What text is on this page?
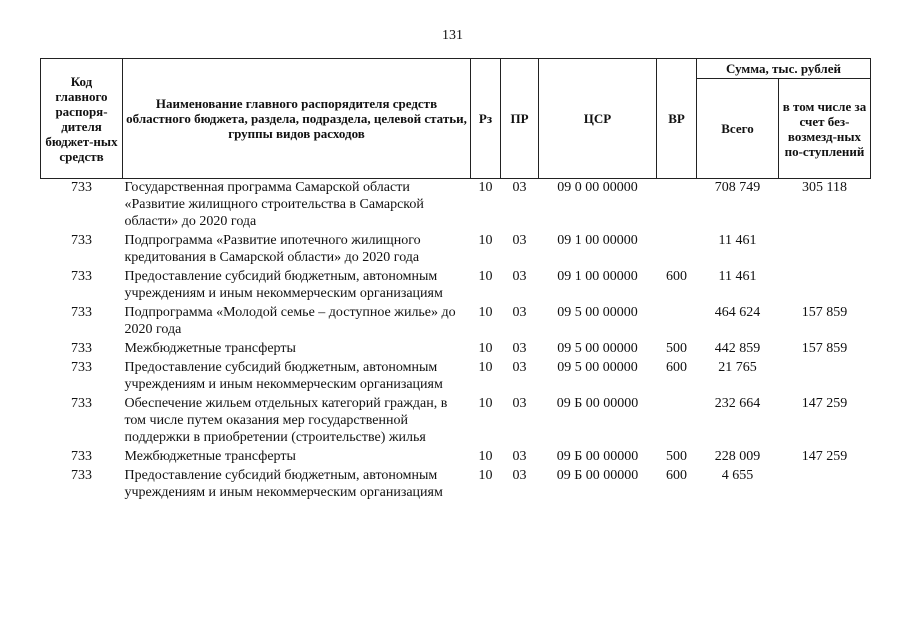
131
Код главного распоря-дителя бюджет-ных средств	Наименование главного распорядителя средств областного бюджета, раздела, подраздела, целевой статьи, группы видов расходов	Рз	ПР	ЦСР	ВР	Сумма, тыс. рублей	
						Всего	в том числе за счет без-возмезд-ных по-ступлений
733	Государственная программа Самарской области «Развитие жилищного строительства в Самарской области» до 2020 года	10	03	09 0 00 00000		708 749	305 118
733	Подпрограмма «Развитие ипотечного жилищного кредитования в Самарской области» до 2020 года	10	03	09 1 00 00000		11 461	
733	Предоставление субсидий бюджетным, автономным учреждениям и иным некоммерческим организациям	10	03	09 1 00 00000	600	11 461	
733	Подпрограмма «Молодой семье – доступное жилье» до 2020 года	10	03	09 5 00 00000		464 624	157 859
733	Межбюджетные трансферты	10	03	09 5 00 00000	500	442 859	157 859
733	Предоставление субсидий бюджетным, автономным учреждениям и иным некоммерческим организациям	10	03	09 5 00 00000	600	21 765	
733	Обеспечение жильем отдельных категорий граждан, в том числе путем оказания мер государственной поддержки в приобретении (строительстве) жилья	10	03	09 Б 00 00000		232 664	147 259
733	Межбюджетные трансферты	10	03	09 Б 00 00000	500	228 009	147 259
733	Предоставление субсидий бюджетным, автономным учреждениям и иным некоммерческим организациям	10	03	09 Б 00 00000	600	4 655	
